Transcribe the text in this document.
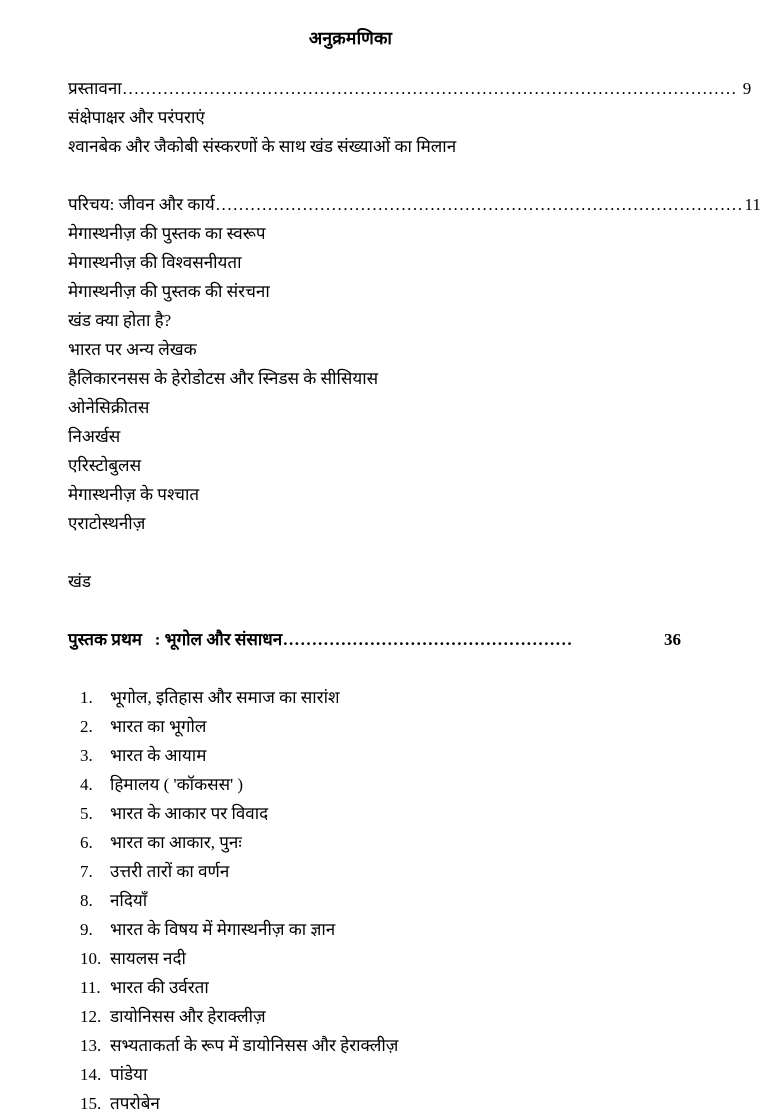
अनुक्रमणिका
प्रस्तावना .......................................................................................................... 9
संक्षेपाक्षर और परंपराएं
श्वानबेक और जैकोबी संस्करणों के साथ खंड संख्याओं का मिलान
परिचय: जीवन और कार्य ........................................................................................... 11
मेगास्थनीज़ की पुस्तक का स्वरूप
मेगास्थनीज़ की विश्वसनीयता
मेगास्थनीज़ की पुस्तक की संरचना
खंड क्या होता है?
भारत पर अन्य लेखक
हैलिकारनसस के हेरोडोटस और स्निडस के सीसियास
ओनेसिक्रीतस
निअर्खस
एरिस्टोबुलस
मेगास्थनीज़ के पश्चात
एराटोस्थनीज़
खंड
पुस्तक प्रथम   : भूगोल और संसाधन ..................................................	36
1.	भूगोल, इतिहास और समाज का सारांश
2.	भारत का भूगोल
3.	भारत के आयाम
4.	हिमालय ( 'कॉकसस' )
5.	भारत के आकार पर विवाद
6.	भारत का आकार, पुनः
7.	उत्तरी तारों का वर्णन
8.	नदियाँ
9.	भारत के विषय में मेगास्थनीज़ का ज्ञान
10. सायलस नदी
11. भारत की उर्वरता
12. डायोनिसस और हेराक्लीज़
13. सभ्यताकर्ता के रूप में डायोनिसस और हेराक्लीज़
14. पांडेया
15. तपरोबेन
